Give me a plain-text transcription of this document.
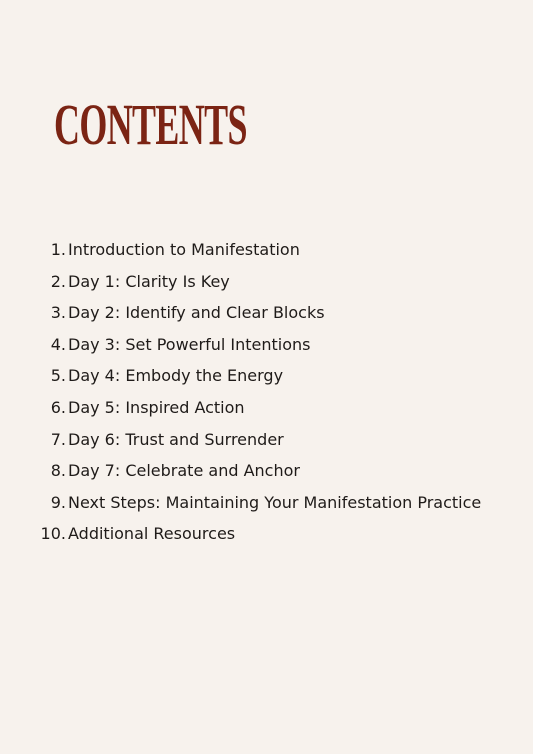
CONTENTS
1. Introduction to Manifestation
2. Day 1: Clarity Is Key
3. Day 2: Identify and Clear Blocks
4. Day 3: Set Powerful Intentions
5. Day 4: Embody the Energy
6. Day 5: Inspired Action
7. Day 6: Trust and Surrender
8. Day 7: Celebrate and Anchor
9. Next Steps: Maintaining Your Manifestation Practice
10. Additional Resources
